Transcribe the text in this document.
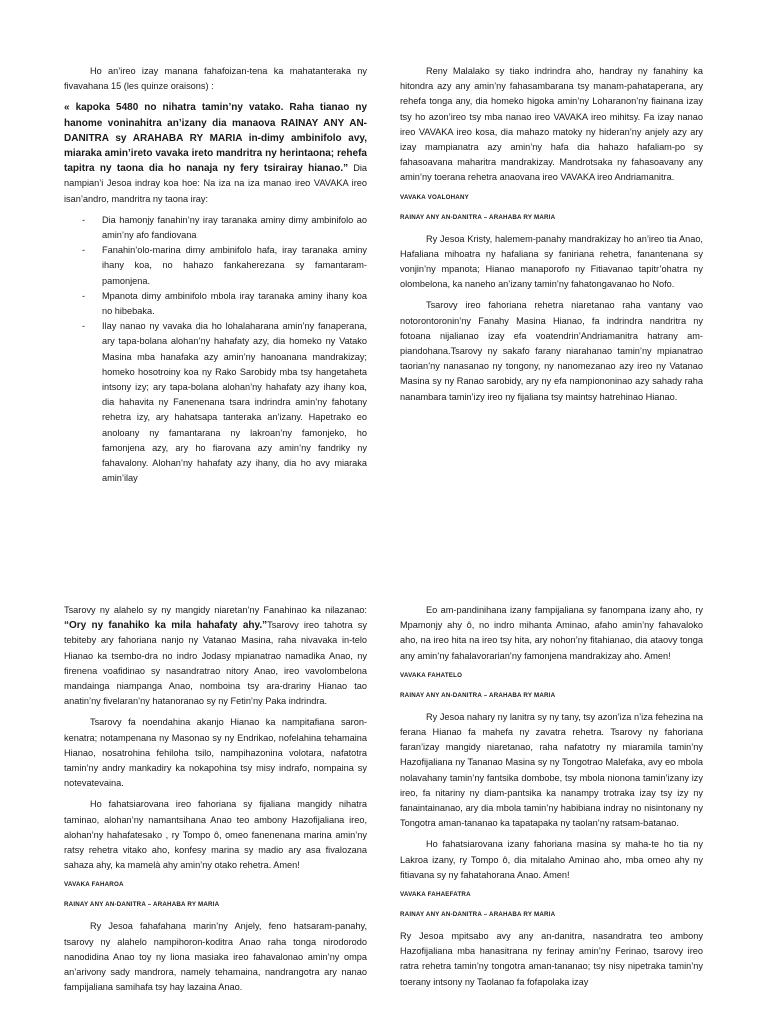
Ho an’ireo izay manana fahafoizan-tena ka mahatanteraka ny fivavahana 15 (les quinze oraisons) :

« kapoka 5480 no nihatra tamin’ny vatako. Raha tianao ny hanome voninahitra an’izany dia manaova RAINAY ANY AN-DANITRA sy ARAHABA RY MARIA in-dimy ambinifolo avy, miaraka amin’ireto vavaka ireto mandritra ny herintaona; rehefa tapitra ny taona dia ho nanaja ny fery tsirairay hianao.” Dia nampian’i Jesoa indray koa hoe: Na iza na iza manao ireo VAVAKA ireo isan’andro, mandritra ny taona iray:

- Dia hamonjy fanahin’ny iray taranaka aminy dimy ambinifolo ao amin’ny afo fandiovana
- Fanahin’olo-marina dimy ambinifolo hafa, iray taranaka aminy ihany koa, no hahazo fankaherezana sy famantaram-pamonjena.
- Mpanota dimy ambinifolo mbola iray taranaka aminy ihany koa no hibebaka.
- Ilay nanao ny vavaka dia ho lohalaharana amin’ny fanaperana, ary tapa-bolana alohan’ny hahafaty azy, dia homeko ny Vatako Masina mba hanafaka azy amin’ny hanoanana mandrakizay; homeko hosotroiny koa ny Rako Sarobidy mba tsy hangetaheta intsony izy; ary tapa-bolana alohan’ny hahafaty azy ihany koa, dia hahavita ny Fanenenana tsara indrindra amin’ny fahotany rehetra izy, ary hahatsapa tanteraka an’izany. Hapetrako eo anoloany ny famantarana ny lakroan’ny famonjeko, ho famonjena azy, ary ho fiarovana azy amin’ny fandriky ny fahavalony. Alohan’ny hahafaty azy ihany, dia ho avy miaraka amin’ilay

Reny Malalako sy tiako indrindra aho, handray ny fanahiny ka hitondra azy any amin’ny fahasambarana tsy manam-pahataperana, ary rehefa tonga any, dia homeko higoka amin’ny Loharanon’ny fiainana izay tsy ho azon’ireo tsy mba nanao ireo VAVAKA ireo mihitsy. Fa izay nanao ireo VAVAKA ireo kosa, dia mahazo matoky ny hideran’ny anjely azy ary izay mampianatra azy amin’ny hafa dia hahazo hafaliam-po sy fahasoavana maharitra mandrakizay. Mandrotsaka ny fahasoavany any amin’ny toerana rehetra anaovana ireo VAVAKA ireo Andriamanitra.

VAVAKA VOALOHANY
RAINAY ANY AN-DANITRA – ARAHABA RY MARIA

Ry Jesoa Kristy, halemem-panahy mandrakizay ho an’ireo tia Anao, Hafaliana mihoatra ny hafaliana sy faniriana rehetra, fanantenana sy vonjin’ny mpanota; Hianao manaporofo ny Fitiavanao tapitr’ohatra ny olombelona, ka naneho an’izany tamin’ny fahatongavanao ho Nofo.

Tsarovy ireo fahoriana rehetra niaretanao raha vantany vao notorontoronin’ny Fanahy Masina Hianao, fa indrindra nandritra ny fotoana nijalianao izay efa voatendrin’Andriamanitra hatrany am-piandohana.Tsarovy ny sakafo farany niarahanao tamin’ny mpianatrao taorian’ny nanasanao ny tongony, ny nanomezanao azy ireo ny Vatanao Masina sy ny Ranao sarobidy, ary ny efa nampiononinao azy sahady raha nanambara tamin’izy ireo ny fijaliana tsy maintsy hatrehinao Hianao.

Tsarovy ny alahelo sy ny mangidy niaretan’ny Fanahinao ka nilazanao: “Ory ny fanahiko ka mila hahafaty ahy.”Tsarovy ireo tahotra sy tebiteby ary fahoriana nanjo ny Vatanao Masina, raha nivavaka in-telo Hianao ka tsembo-dra no indro Jodasy mpianatrao namadika Anao, ny firenena voafidinao sy nasandratrao nitory Anao, ireo vavolombelona mandainga niampanga Anao, nomboina tsy ara-drariny Hianao tao anatin’ny fivelaran’ny hatanoranao sy ny Fetin’ny Paka indrindra.

Tsarovy fa noendahina akanjo Hianao ka nampitafiana saron-kenatra; notampenana ny Masonao sy ny Endrikao, nofelahina tehamaina Hianao, nosatrohina fehiloha tsilo, nampihazonina volotara, nafatotra tamin’ny andry mankadiry ka nokapohina tsy misy indrafo, nompaina sy notevatevaina.

Ho fahatsiarovana ireo fahoriana sy fijaliana mangidy nihatra taminao, alohan’ny namantsihana Anao teo ambony Hazofijaliana ireo, alohan’ny hahafatesako , ry Tompo ô, omeo fanenenana marina amin’ny ratsy rehetra vitako aho, konfesy marina sy madio ary asa fivalozana sahaza ahy, ka mamelà ahy amin’ny otako rehetra. Amen!

VAVAKA FAHAROA
RAINAY ANY AN-DANITRA – ARAHABA RY MARIA

Ry Jesoa fahafahana marin’ny Anjely, feno hatsaram-panahy, tsarovy ny alahelo nampihoron-koditra Anao raha tonga nirodorodo nanodidina Anao toy ny liona masiaka ireo fahavalonao amin’ny ompa an’arivony sady mandrora, namely tehamaina, nandrangotra ary nanao fampijaliana samihafa tsy hay lazaina Anao.

Eo am-pandinihana izany fampijaliana sy fanompana izany aho, ry Mpamonjy ahy ô, no indro mihanta Aminao, afaho amin’ny fahavaloko aho, na ireo hita na ireo tsy hita, ary nohon’ny fitahianao, dia ataovy tonga any amin’ny fahalavorarian’ny famonjena mandrakizay aho. Amen!

VAVAKA FAHATELO
RAINAY ANY AN-DANITRA – ARAHABA RY MARIA

Ry Jesoa nahary ny lanitra sy ny tany, tsy azon’iza n’iza fehezina na ferana Hianao fa mahefa ny zavatra rehetra. Tsarovy ny fahoriana faran’izay mangidy niaretanao, raha nafatotry ny miaramila tamin’ny Hazofijaliana ny Tananao Masina sy ny Tongotrao Malefaka, avy eo mbola nolavahany tamin’ny fantsika dombobe, tsy mbola nionona tamin’izany izy ireo, fa nitariny ny diam-pantsika ka nanampy trotraka izay tsy izy ny fanaintainanao, ary dia mbola tamin’ny habibiana indray no nisintonany ny Tongotra aman-tananao ka tapatapaka ny taolan’ny ratsam-batanao.

Ho fahatsiarovana izany fahoriana masina sy maha-te ho tia ny Lakroa izany, ry Tompo ô, dia mitalaho Aminao aho, mba omeo ahy ny fitiavana sy ny fahatahorana Anao. Amen!

VAVAKA FAHAEFATRA
RAINAY ANY AN-DANITRA – ARAHABA RY MARIA

Ry Jesoa mpitsabo avy any an-danitra, nasandratra teo ambony Hazofijaliana mba hanasitrana ny ferinay amin’ny Ferinao, tsarovy ireo ratra rehetra tamin’ny tongotra aman-tananao; tsy nisy nipetraka tamin’ny toerany intsony ny Taolanao fa fofapolaka izay
